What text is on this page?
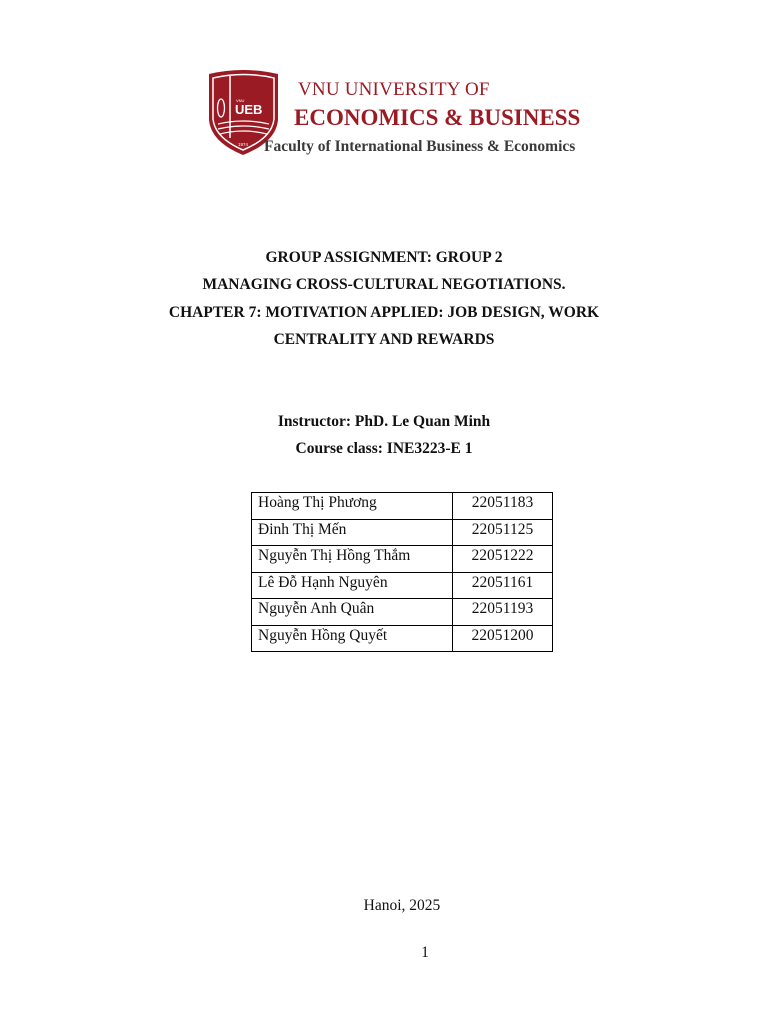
VNU
UEB
1974
VNU UNIVERSITY OF
ECONOMICS & BUSINESS
Faculty of International Business & Economics

GROUP ASSIGNMENT: GROUP 2

MANAGING CROSS-CULTURAL NEGOTIATIONS.

CHAPTER 7: MOTIVATION APPLIED: JOB DESIGN, WORK

CENTRALITY AND REWARDS

Instructor: PhD. Le Quan Minh

Course class: INE3223-E 1

Hoàng Thị Phương	22051183
Đinh Thị Mến	22051125
Nguyễn Thị Hồng Thắm	22051222
Lê Đỗ Hạnh Nguyên	22051161
Nguyễn Anh Quân	22051193
Nguyễn Hồng Quyết	22051200
Hanoi, 2025
1
